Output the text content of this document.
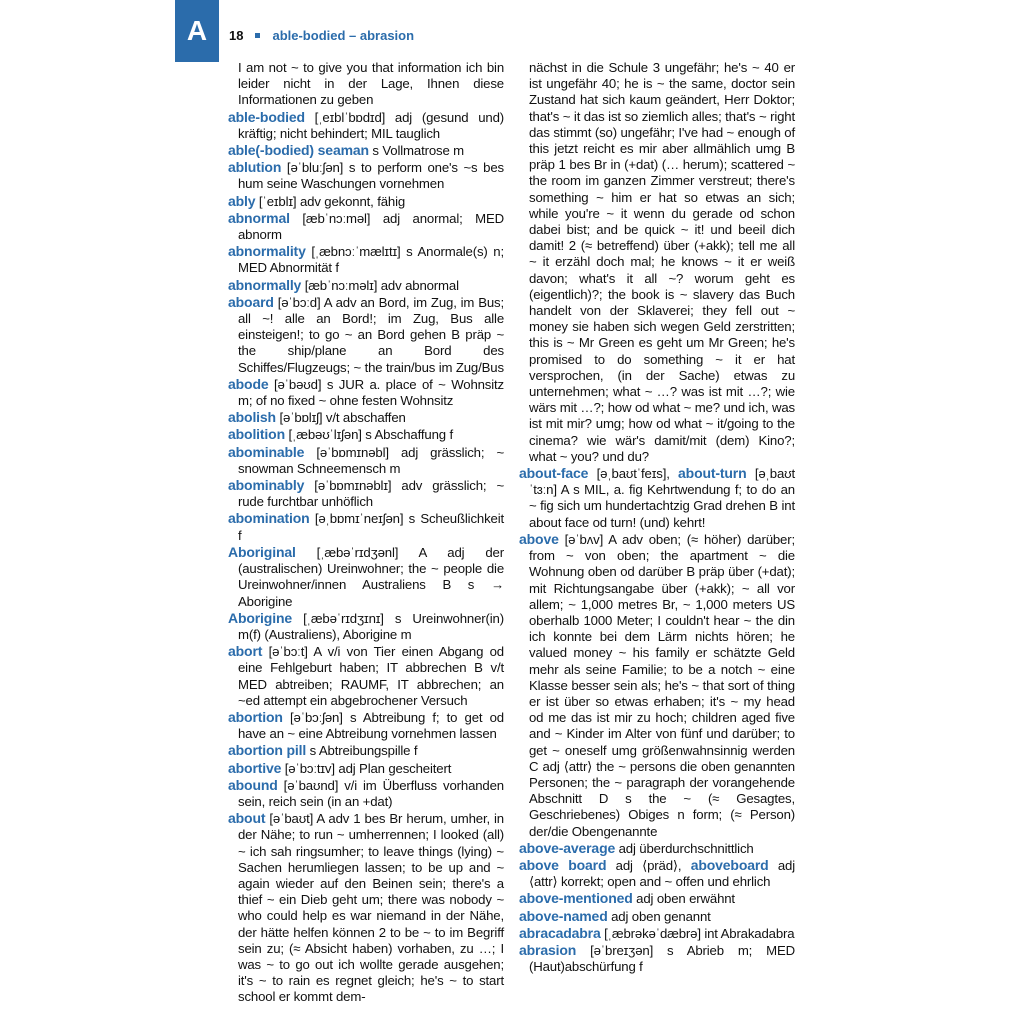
A	18 able-bodied – abrasion

I am not ~ to give you that information ich bin leider nicht in der Lage, Ihnen diese Informationen zu geben

able-bodied [ˌeɪblˈbɒdɪd] adj (gesund und) kräftig; nicht behindert; MIL tauglich

able(-bodied) seaman s Vollmatrose m

ablution [əˈbluːʃən] s to perform one's ~s bes hum seine Waschungen vornehmen

ably [ˈeɪblɪ] adv gekonnt, fähig

abnormal [æbˈnɔːməl] adj anormal; MED abnorm

abnormality [ˌæbnɔːˈmælɪtɪ] s Anormale(s) n; MED Abnormität f

abnormally [æbˈnɔːməlɪ] adv abnormal

aboard [əˈbɔːd] A adv an Bord, im Zug, im Bus; all ~! alle an Bord!; im Zug, Bus alle einsteigen!; to go ~ an Bord gehen B präp ~ the ship/plane an Bord des Schiffes/Flugzeugs; ~ the train/bus im Zug/Bus

abode [əˈbəʊd] s JUR a. place of ~ Wohnsitz m; of no fixed ~ ohne festen Wohnsitz

abolish [əˈbɒlɪʃ] v/t abschaffen

abolition [ˌæbəʊˈlɪʃən] s Abschaffung f

abominable [əˈbɒmɪnəbl] adj grässlich; ~ snowman Schneemensch m

abominably [əˈbɒmɪnəblɪ] adv grässlich; ~ rude furchtbar unhöflich

abomination [əˌbɒmɪˈneɪʃən] s Scheußlichkeit f

Aboriginal [ˌæbəˈrɪdʒənl] A adj der (australischen) Ureinwohner; the ~ people die Ureinwohner/innen Australiens B s → Aborigine

Aborigine [ˌæbəˈrɪdʒɪnɪ] s Ureinwohner(in) m(f) (Australiens), Aborigine m

abort [əˈbɔːt] A v/i von Tier einen Abgang od eine Fehlgeburt haben; IT abbrechen B v/t MED abtreiben; RAUMF, IT abbrechen; an ~ed attempt ein abgebrochener Versuch

abortion [əˈbɔːʃən] s Abtreibung f; to get od have an ~ eine Abtreibung vornehmen lassen

abortion pill s Abtreibungspille f

abortive [əˈbɔːtɪv] adj Plan gescheitert

abound [əˈbaʊnd] v/i im Überfluss vorhanden sein, reich sein (in an +dat)

about [əˈbaʊt] A adv 1 bes Br herum, umher, in der Nähe; to run ~ umherrennen; I looked (all) ~ ich sah ringsumher; to leave things (lying) ~ Sachen herumliegen lassen; to be up and ~ again wieder auf den Beinen sein; there's a thief ~ ein Dieb geht um; there was nobody ~ who could help es war niemand in der Nähe, der hätte helfen können 2 to be ~ to im Begriff sein zu; (≈ Absicht haben) vorhaben, zu …; I was ~ to go out ich wollte gerade ausgehen; it's ~ to rain es regnet gleich; he's ~ to start school er kommt dem-

nächst in die Schule 3 ungefähr; he's ~ 40 er ist ungefähr 40; he is ~ the same, doctor sein Zustand hat sich kaum geändert, Herr Doktor; that's ~ it das ist so ziemlich alles; that's ~ right das stimmt (so) ungefähr; I've had ~ enough of this jetzt reicht es mir aber allmählich umg B präp 1 bes Br in (+dat) (… herum); scattered ~ the room im ganzen Zimmer verstreut; there's something ~ him er hat so etwas an sich; while you're ~ it wenn du gerade od schon dabei bist; and be quick ~ it! und beeil dich damit! 2 (≈ betreffend) über (+akk); tell me all ~ it erzähl doch mal; he knows ~ it er weiß davon; what's it all ~? worum geht es (eigentlich)?; the book is ~ slavery das Buch handelt von der Sklaverei; they fell out ~ money sie haben sich wegen Geld zerstritten; this is ~ Mr Green es geht um Mr Green; he's promised to do something ~ it er hat versprochen, (in der Sache) etwas zu unternehmen; what ~ …? was ist mit …?; wie wärs mit …?; how od what ~ me? und ich, was ist mit mir? umg; how od what ~ it/going to the cinema? wie wär's damit/mit (dem) Kino?; what ~ you? und du?

about-face [əˌbaʊtˈfeɪs], about-turn [əˌbaʊtˈtɜːn] A s MIL, a. fig Kehrtwendung f; to do an ~ fig sich um hundertachtzig Grad drehen B int about face od turn! (und) kehrt!

above [əˈbʌv] A adv oben; (≈ höher) darüber; from ~ von oben; the apartment ~ die Wohnung oben od darüber B präp über (+dat); mit Richtungsangabe über (+akk); ~ all vor allem; ~ 1,000 metres Br, ~ 1,000 meters US oberhalb 1000 Meter; I couldn't hear ~ the din ich konnte bei dem Lärm nichts hören; he valued money ~ his family er schätzte Geld mehr als seine Familie; to be a notch ~ eine Klasse besser sein als; he's ~ that sort of thing er ist über so etwas erhaben; it's ~ my head od me das ist mir zu hoch; children aged five and ~ Kinder im Alter von fünf und darüber; to get ~ oneself umg größenwahnsinnig werden C adj ⟨attr⟩ the ~ persons die oben genannten Personen; the ~ paragraph der vorangehende Abschnitt D s the ~ (≈ Gesagtes, Geschriebenes) Obiges n form; (≈ Person) der/die Obengenannte

above-average adj überdurchschnittlich

above board adj ⟨präd⟩, aboveboard adj ⟨attr⟩ korrekt; open and ~ offen und ehrlich

above-mentioned adj oben erwähnt

above-named adj oben genannt

abracadabra [ˌæbrəkəˈdæbrə] int Abrakadabra

abrasion [əˈbreɪʒən] s Abrieb m; MED (Haut)abschürfung f
